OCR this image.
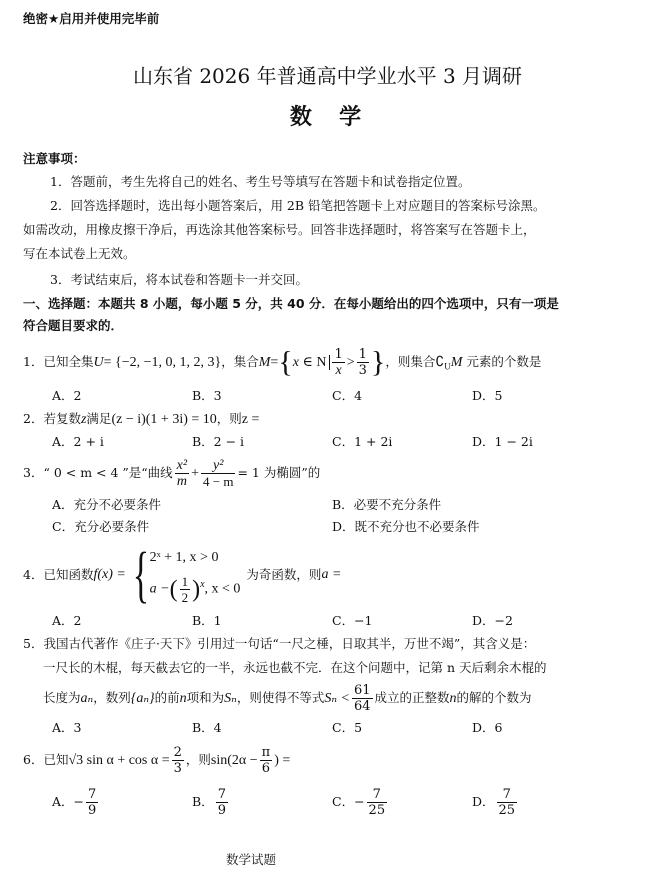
绝密★启用并使用完毕前
山东省 2026 年普通高中学业水平 3 月调研
数  学
注意事项：
1．答题前，考生先将自己的姓名、考生号等填写在答题卡和试卷指定位置。
2．回答选择题时，选出每小题答案后，用 2B 铅笔把答题卡上对应题目的答案标号涂黑。
如需改动，用橡皮擦干净后，再选涂其他答案标号。回答非选择题时，将答案写在答题卡上，
写在本试卷上无效。
3．考试结束后，将本试卷和答题卡一并交回。
一、选择题：本题共 8 小题，每小题 5 分，共 40 分．在每小题给出的四个选项中，只有一项是
符合题目要求的．
1．已知全集U= {−2, −1, 0, 1, 2, 3}，集合M={x ∈ N $\frac{1}{x} > \frac{1}{3}$ }，则集合$∁_UM$ 元素的个数是
A．2	B．3	C．4	D．5
2．若复数z满足(z − i)(1 + 3i) = 10，则z =
A．2 + i	B．2 − i	C．1 + 2i	D．1 − 2i
3．“ 0 < m < 4 ”是“曲线 $\frac{\text{x²}}{m} + \frac{\text{y²}}{4 - m} = 1$ 为椭圆”的
A．充分不必要条件	B．必要不充分条件
C．充分必要条件	D．既不充分也不必要条件
4． 已知函数 f(x) = { 2ˣ + 1, x > 0
a −( $\frac{1}{2} )^x$, x < 0
为奇函数，则 a =
A．2	B．1	C．−1	D．−2
5．我国古代著作《庄子·天下》引用过一句话“一尺之棰，日取其半，万世不竭”，其含义是：
一尺长的木棍，每天截去它的一半，永远也截不完．在这个问题中，记第 n 天后剩余木棍的
长度为aₙ，数列{aₙ}的前n项和为Sₙ，则使得不等式$S_n < \frac{61}{64}$ 成立的正整数n的解的个数为
A．3	B．4	C．5	D．6
6．已知√3 $\sin \alpha + \cos \alpha = \frac{2}{3}$ ，则$\sin(2\alpha - \frac{\pi}{6}$ ) =
A．− $\frac{7}{9}$	B． $\frac{7}{9}$	C．− $\frac{7}{25}$	D． $\frac{7}{25}$
数学试题
